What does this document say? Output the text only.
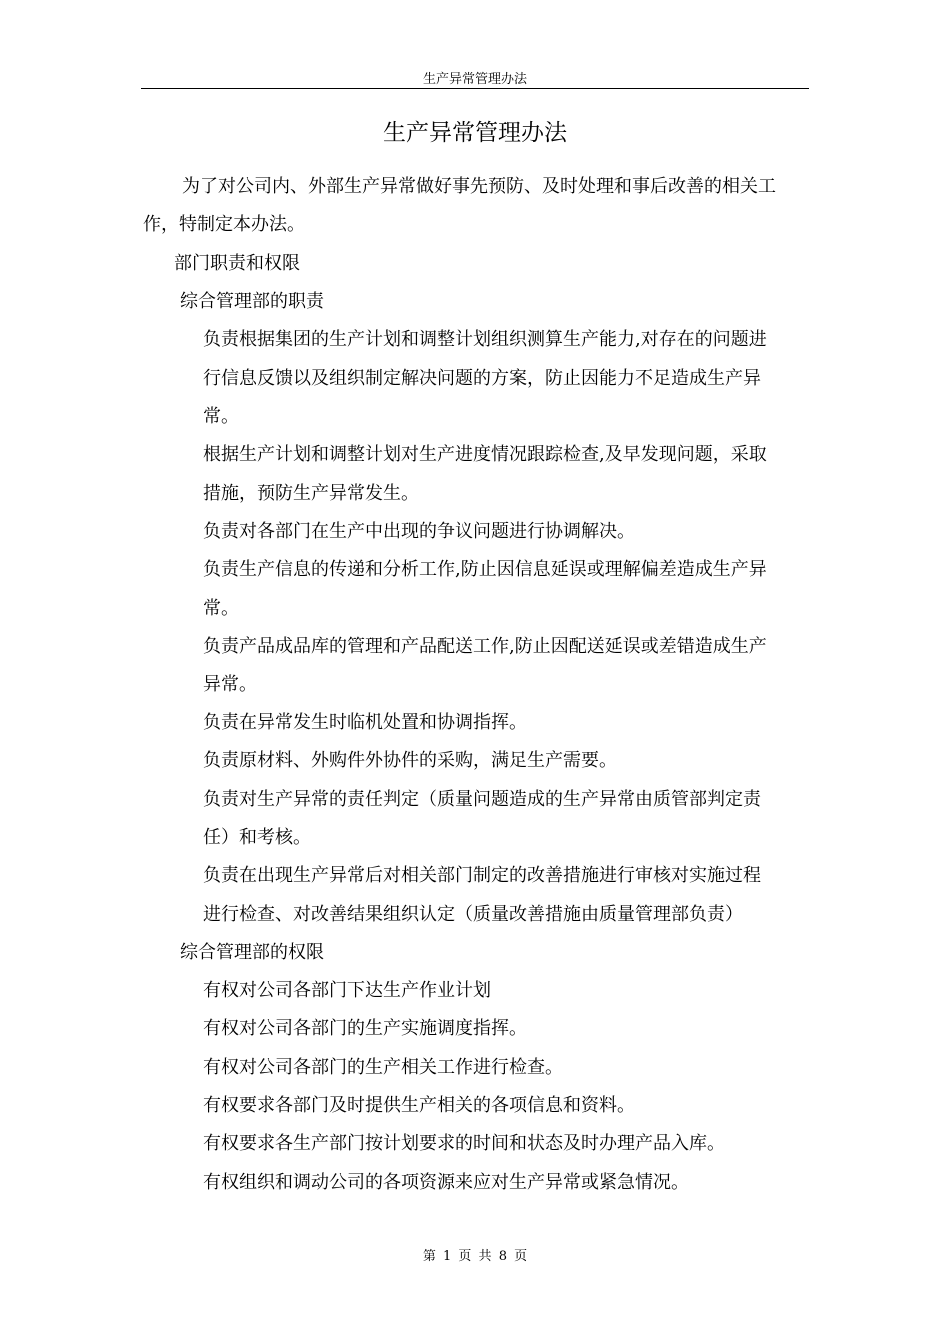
生产异常管理办法
生产异常管理办法
为了对公司内、外部生产异常做好事先预防、及时处理和事后改善的相关工
作，特制定本办法。
部门职责和权限
综合管理部的职责
负责根据集团的生产计划和调整计划组织测算生产能力,对存在的问题进
行信息反馈以及组织制定解决问题的方案，防止因能力不足造成生产异
常。
根据生产计划和调整计划对生产进度情况跟踪检查,及早发现问题，采取
措施，预防生产异常发生。
负责对各部门在生产中出现的争议问题进行协调解决。
负责生产信息的传递和分析工作,防止因信息延误或理解偏差造成生产异
常。
负责产品成品库的管理和产品配送工作,防止因配送延误或差错造成生产
异常。
负责在异常发生时临机处置和协调指挥。
负责原材料、外购件外协件的采购，满足生产需要。
负责对生产异常的责任判定（质量问题造成的生产异常由质管部判定责
任）和考核。
负责在出现生产异常后对相关部门制定的改善措施进行审核对实施过程
进行检查、对改善结果组织认定（质量改善措施由质量管理部负责）
综合管理部的权限
有权对公司各部门下达生产作业计划
有权对公司各部门的生产实施调度指挥。
有权对公司各部门的生产相关工作进行检查。
有权要求各部门及时提供生产相关的各项信息和资料。
有权要求各生产部门按计划要求的时间和状态及时办理产品入库。
有权组织和调动公司的各项资源来应对生产异常或紧急情况。
第 1 页 共 8 页
